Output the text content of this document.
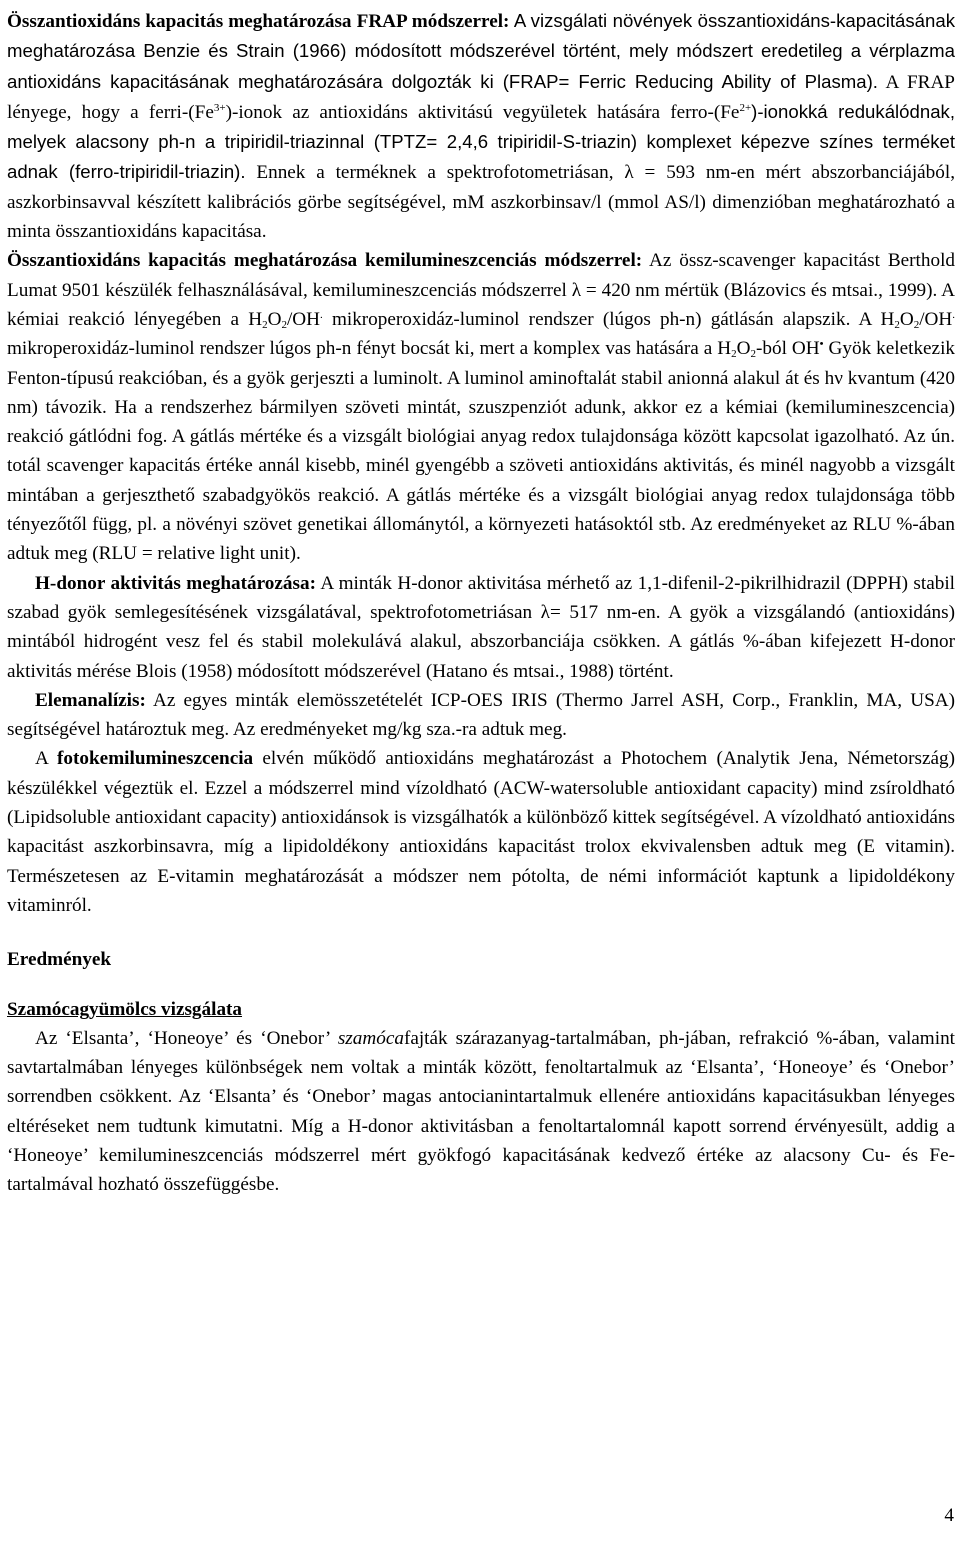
Összantioxidáns kapacitás meghatározása FRAP módszerrel: A vizsgálati növények összantioxidáns-kapacitásának meghatározása Benzie és Strain (1966) módosított módszerével történt, mely módszert eredetileg a vérplazma antioxidáns kapacitásának meghatározására dolgozták ki (FRAP= Ferric Reducing Ability of Plasma). A FRAP lényege, hogy a ferri-$(Fe^{3+})$-ionok az antioxidáns aktivitású vegyületek hatására ferro-$(Fe^{2+})$-ionokká redukálódnak, melyek alacsony ph-n a tripiridil-triazinnal (TPTZ= 2,4,6 tripiridil-S-triazin) komplexet képezve színes terméket adnak (ferro-tripiridil-triazin). Ennek a terméknek a spektrofotometriásan, λ = 593 nm-en mért abszorbanciájából, aszkorbinsavval készített kalibrációs görbe segítségével, mM aszkorbinsav/l (mmol AS/l) dimenzióban meghatározható a minta összantioxidáns kapacitása.

Összantioxidáns kapacitás meghatározása kemilumineszcenciás módszerrel: Az össz-scavenger kapacitást Berthold Lumat 9501 készülék felhasználásával, kemilumineszcenciás módszerrel λ = 420 nm mértük (Blázovics és mtsai., 1999). A kémiai reakció lényegében a $H_2O_2/OH^.$ mikroperoxidáz-luminol rendszer (lúgos ph-n) gátlásán alapszik. A $H_2O_2/OH^.$ mikroperoxidáz-luminol rendszer lúgos ph-n fényt bocsát ki, mert a komplex vas hatására a $H_2O_2$-ból OH• Gyök keletkezik Fenton-típusú reakcióban, és a gyök gerjeszti a luminolt. A luminol aminoftalát stabil anionná alakul át és hν kvantum (420 nm) távozik. Ha a rendszerhez bármilyen szöveti mintát, szuszpenziót adunk, akkor ez a kémiai (kemilumineszcencia) reakció gátlódni fog. A gátlás mértéke és a vizsgált biológiai anyag redox tulajdonsága között kapcsolat igazolható. Az ún. totál scavenger kapacitás értéke annál kisebb, minél gyengébb a szöveti antioxidáns aktivitás, és minél nagyobb a vizsgált mintában a gerjeszthető szabadgyökös reakció. A gátlás mértéke és a vizsgált biológiai anyag redox tulajdonsága több tényezőtől függ, pl. a növényi szövet genetikai állománytól, a környezeti hatásoktól stb. Az eredményeket az RLU %-ában adtuk meg (RLU = relative light unit).

H-donor aktivitás meghatározása: A minták H-donor aktivitása mérhető az 1,1-difenil-2-pikrilhidrazil (DPPH) stabil szabad gyök semlegesítésének vizsgálatával, spektrofotometriásan λ= 517 nm-en. A gyök a vizsgálandó (antioxidáns) mintából hidrogént vesz fel és stabil molekulává alakul, abszorbanciája csökken. A gátlás %-ában kifejezett H-donor aktivitás mérése Blois (1958) módosított módszerével (Hatano és mtsai., 1988) történt.

Elemanalízis: Az egyes minták elemösszetételét ICP-OES IRIS (Thermo Jarrel ASH, Corp., Franklin, MA, USA) segítségével határoztuk meg. Az eredményeket mg/kg sza.-ra adtuk meg.

A fotokemilumineszcencia elvén működő antioxidáns meghatározást a Photochem (Analytik Jena, Németország) készülékkel végeztük el. Ezzel a módszerrel mind vízoldható (ACW-watersoluble antioxidant capacity) mind zsíroldható (Lipidsoluble antioxidant capacity) antioxidánsok is vizsgálhatók a különböző kittek segítségével. A vízoldható antioxidáns kapacitást aszkorbinsavra, míg a lipidoldékony antioxidáns kapacitást trolox ekvivalensben adtuk meg (E vitamin). Természetesen az E-vitamin meghatározását a módszer nem pótolta, de némi információt kaptunk a lipidoldékony vitaminról.

Eredmények

Szamócagyümölcs vizsgálata

Az ‘Elsanta’, ‘Honeoye’ és ‘Onebor’ szamócafajták szárazanyag-tartalmában, ph-jában, refrakció %-ában, valamint savtartalmában lényeges különbségek nem voltak a minták között, fenoltartalmuk az ‘Elsanta’, ‘Honeoye’ és ‘Onebor’ sorrendben csökkent. Az ‘Elsanta’ és ‘Onebor’ magas antocianintartalmuk ellenére antioxidáns kapacitásukban lényeges eltéréseket nem tudtunk kimutatni. Míg a H-donor aktivitásban a fenoltartalomnál kapott sorrend érvényesült, addig a ‘Honeoye’ kemilumineszcenciás módszerrel mért gyökfogó kapacitásának kedvező értéke az alacsony Cu- és Fe-tartalmával hozható összefüggésbe.

4
